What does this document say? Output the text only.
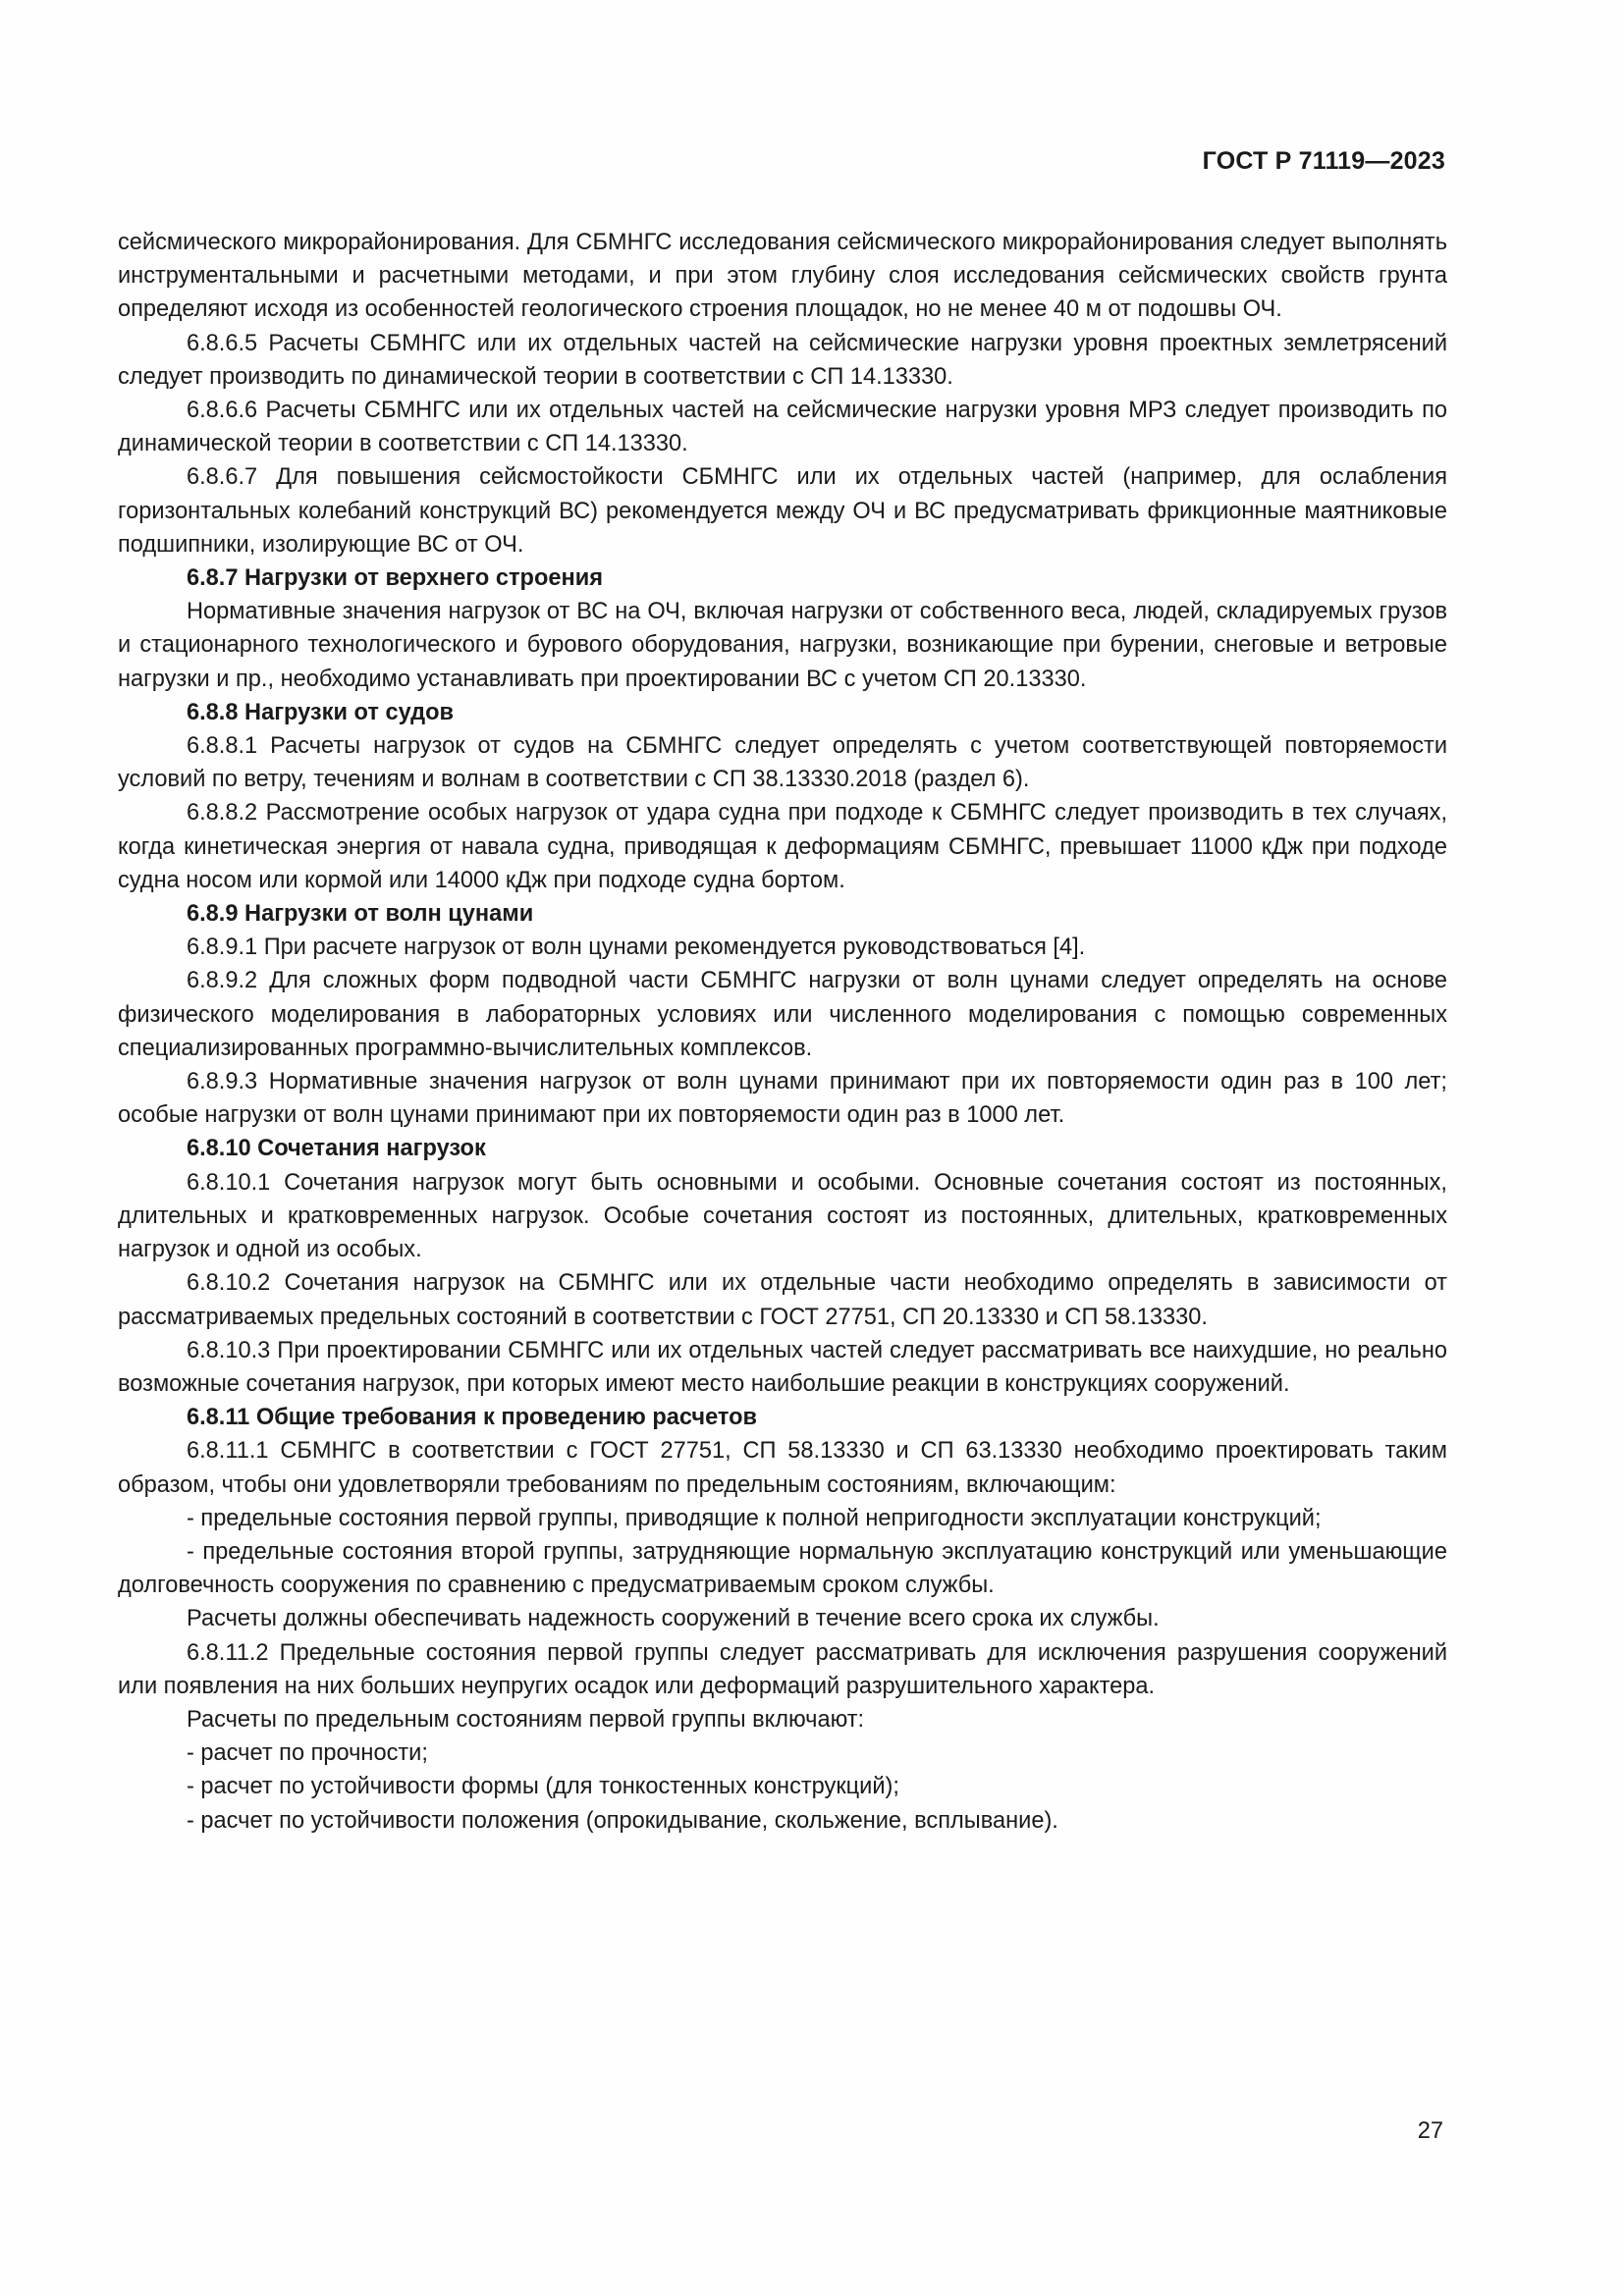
ГОСТ Р 71119—2023

сейсмического микрорайонирования. Для СБМНГС исследования сейсмического микрорайонирования следует выполнять инструментальными и расчетными методами, и при этом глубину слоя исследования сейсмических свойств грунта определяют исходя из особенностей геологического строения площадок, но не менее 40 м от подошвы ОЧ.

6.8.6.5 Расчеты СБМНГС или их отдельных частей на сейсмические нагрузки уровня проектных землетрясений следует производить по динамической теории в соответствии с СП 14.13330.

6.8.6.6 Расчеты СБМНГС или их отдельных частей на сейсмические нагрузки уровня МРЗ следует производить по динамической теории в соответствии с СП 14.13330.

6.8.6.7 Для повышения сейсмостойкости СБМНГС или их отдельных частей (например, для ослабления горизонтальных колебаний конструкций ВС) рекомендуется между ОЧ и ВС предусматривать фрикционные маятниковые подшипники, изолирующие ВС от ОЧ.

6.8.7 Нагрузки от верхнего строения

Нормативные значения нагрузок от ВС на ОЧ, включая нагрузки от собственного веса, людей, складируемых грузов и стационарного технологического и бурового оборудования, нагрузки, возникающие при бурении, снеговые и ветровые нагрузки и пр., необходимо устанавливать при проектировании ВС с учетом СП 20.13330.

6.8.8 Нагрузки от судов

6.8.8.1 Расчеты нагрузок от судов на СБМНГС следует определять с учетом соответствующей повторяемости условий по ветру, течениям и волнам в соответствии с СП 38.13330.2018 (раздел 6).

6.8.8.2 Рассмотрение особых нагрузок от удара судна при подходе к СБМНГС следует производить в тех случаях, когда кинетическая энергия от навала судна, приводящая к деформациям СБМНГС, превышает 11000 кДж при подходе судна носом или кормой или 14000 кДж при подходе судна бортом.

6.8.9 Нагрузки от волн цунами

6.8.9.1 При расчете нагрузок от волн цунами рекомендуется руководствоваться [4].

6.8.9.2 Для сложных форм подводной части СБМНГС нагрузки от волн цунами следует определять на основе физического моделирования в лабораторных условиях или численного моделирования с помощью современных специализированных программно-вычислительных комплексов.

6.8.9.3 Нормативные значения нагрузок от волн цунами принимают при их повторяемости один раз в 100 лет; особые нагрузки от волн цунами принимают при их повторяемости один раз в 1000 лет.

6.8.10 Сочетания нагрузок

6.8.10.1 Сочетания нагрузок могут быть основными и особыми. Основные сочетания состоят из постоянных, длительных и кратковременных нагрузок. Особые сочетания состоят из постоянных, длительных, кратковременных нагрузок и одной из особых.

6.8.10.2 Сочетания нагрузок на СБМНГС или их отдельные части необходимо определять в зависимости от рассматриваемых предельных состояний в соответствии с ГОСТ 27751, СП 20.13330 и СП 58.13330.

6.8.10.3 При проектировании СБМНГС или их отдельных частей следует рассматривать все наихудшие, но реально возможные сочетания нагрузок, при которых имеют место наибольшие реакции в конструкциях сооружений.

6.8.11 Общие требования к проведению расчетов

6.8.11.1 СБМНГС в соответствии с ГОСТ 27751, СП 58.13330 и СП 63.13330 необходимо проектировать таким образом, чтобы они удовлетворяли требованиям по предельным состояниям, включающим:

- предельные состояния первой группы, приводящие к полной непригодности эксплуатации конструкций;

- предельные состояния второй группы, затрудняющие нормальную эксплуатацию конструкций или уменьшающие долговечность сооружения по сравнению с предусматриваемым сроком службы.

Расчеты должны обеспечивать надежность сооружений в течение всего срока их службы.

6.8.11.2 Предельные состояния первой группы следует рассматривать для исключения разрушения сооружений или появления на них больших неупругих осадок или деформаций разрушительного характера.

Расчеты по предельным состояниям первой группы включают:

- расчет по прочности;

- расчет по устойчивости формы (для тонкостенных конструкций);

- расчет по устойчивости положения (опрокидывание, скольжение, всплывание).

27
